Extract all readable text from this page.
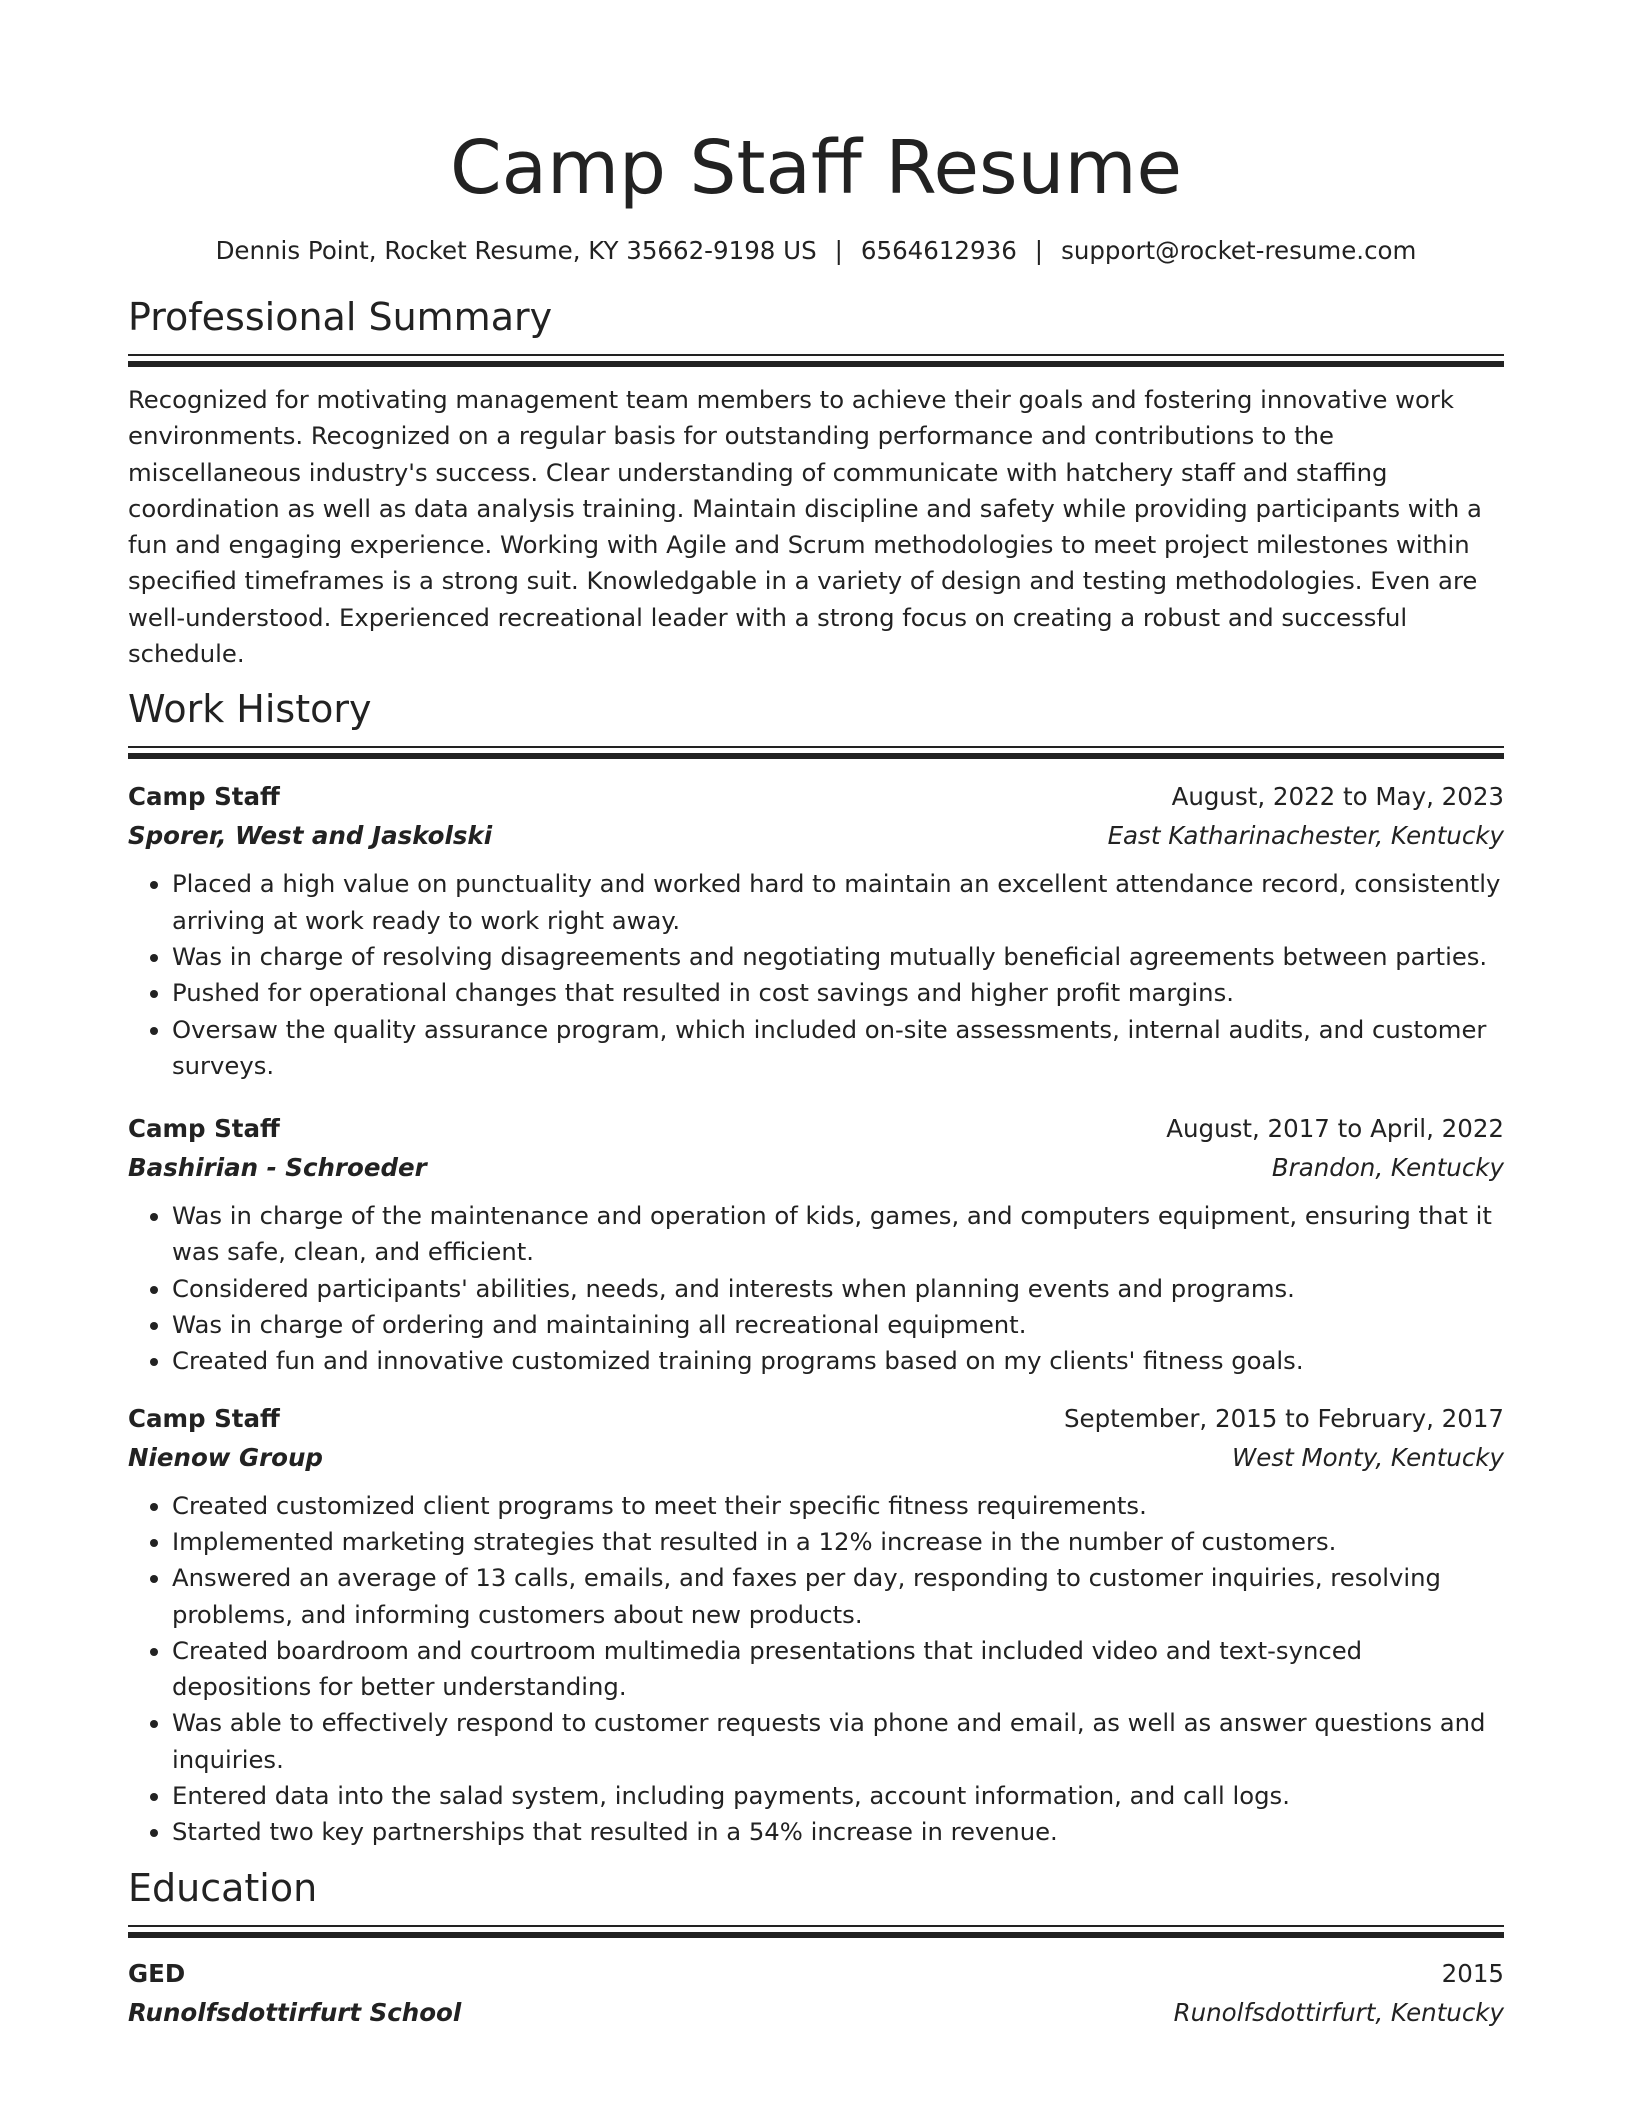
Camp Staff Resume
Dennis Point, Rocket Resume, KY 35662-9198 US | 6564612936 | support@rocket-resume.com
Professional Summary

Recognized for motivating management team members to achieve their goals and fostering innovative work environments. Recognized on a regular basis for outstanding performance and contributions to the miscellaneous industry's success. Clear understanding of communicate with hatchery staff and staffing coordination as well as data analysis training. Maintain discipline and safety while providing participants with a fun and engaging experience. Working with Agile and Scrum methodologies to meet project milestones within specified timeframes is a strong suit. Knowledgable in a variety of design and testing methodologies. Even are well-understood. Experienced recreational leader with a strong focus on creating a robust and successful schedule.

Work History
Camp Staff	August, 2022 to May, 2023
Sporer, West and Jaskolski	East Katharinachester, Kentucky
• Placed a high value on punctuality and worked hard to maintain an excellent attendance record, consistently arriving at work ready to work right away.
• Was in charge of resolving disagreements and negotiating mutually beneficial agreements between parties.
• Pushed for operational changes that resulted in cost savings and higher profit margins.
• Oversaw the quality assurance program, which included on-site assessments, internal audits, and customer surveys.
Camp Staff	August, 2017 to April, 2022
Bashirian - Schroeder	Brandon, Kentucky
• Was in charge of the maintenance and operation of kids, games, and computers equipment, ensuring that it was safe, clean, and efficient.
• Considered participants' abilities, needs, and interests when planning events and programs.
• Was in charge of ordering and maintaining all recreational equipment.
• Created fun and innovative customized training programs based on my clients' fitness goals.
Camp Staff	September, 2015 to February, 2017
Nienow Group	West Monty, Kentucky
• Created customized client programs to meet their specific fitness requirements.
• Implemented marketing strategies that resulted in a 12% increase in the number of customers.
• Answered an average of 13 calls, emails, and faxes per day, responding to customer inquiries, resolving problems, and informing customers about new products.
• Created boardroom and courtroom multimedia presentations that included video and text-synced depositions for better understanding.
• Was able to effectively respond to customer requests via phone and email, as well as answer questions and inquiries.
• Entered data into the salad system, including payments, account information, and call logs.
• Started two key partnerships that resulted in a 54% increase in revenue.
Education
GED	2015
Runolfsdottirfurt School	Runolfsdottirfurt, Kentucky
